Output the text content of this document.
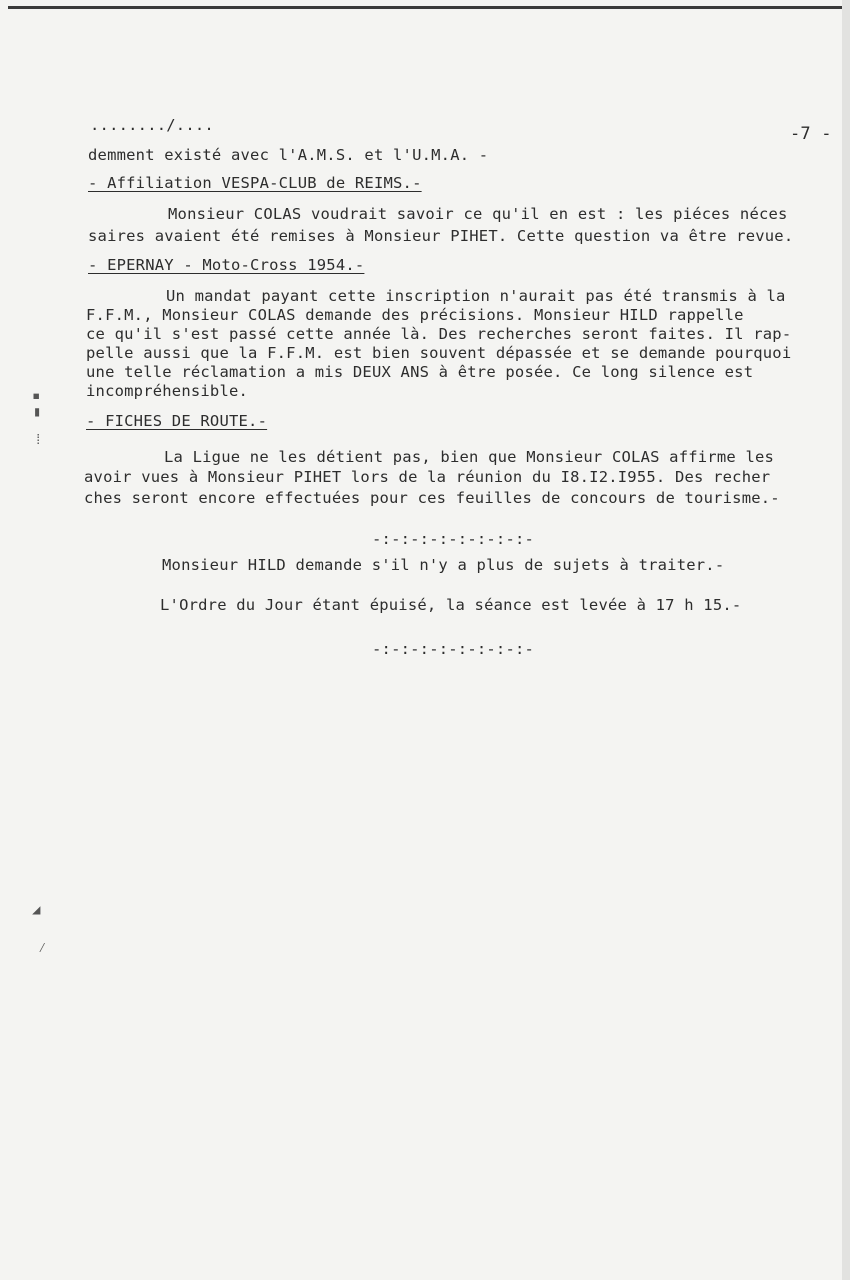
......../....	-7 -
demment existé avec l'A.M.S. et l'U.M.A. -
- Affiliation VESPA-CLUB de REIMS.-
Monsieur COLAS voudrait savoir ce qu'il en est : les piéces néces
saires avaient été remises à Monsieur PIHET. Cette question va être revue.
- EPERNAY - Moto-Cross 1954.-
Un mandat payant cette inscription n'aurait pas été transmis à la
F.F.M., Monsieur COLAS demande des précisions. Monsieur HILD rappelle
ce qu'il s'est passé cette année là. Des recherches seront faites. Il rap-
pelle aussi que la F.F.M. est bien souvent dépassée et se demande pourquoi
une telle réclamation a mis DEUX ANS à être posée. Ce long silence est
incompréhensible.
- FICHES DE ROUTE.-
La Ligue ne les détient pas, bien que Monsieur COLAS affirme les
avoir vues à Monsieur PIHET lors de la réunion du I8.I2.I955. Des recher
ches seront encore effectuées pour ces feuilles de concours de tourisme.-
-:-:-:-:-:-:-:-:-
Monsieur HILD demande s'il n'y a plus de sujets à traiter.-
L'Ordre du Jour étant épuisé, la séance est levée à 17 h 15.-
-:-:-:-:-:-:-:-:-
▪
▮
⁞
◢
⁄
